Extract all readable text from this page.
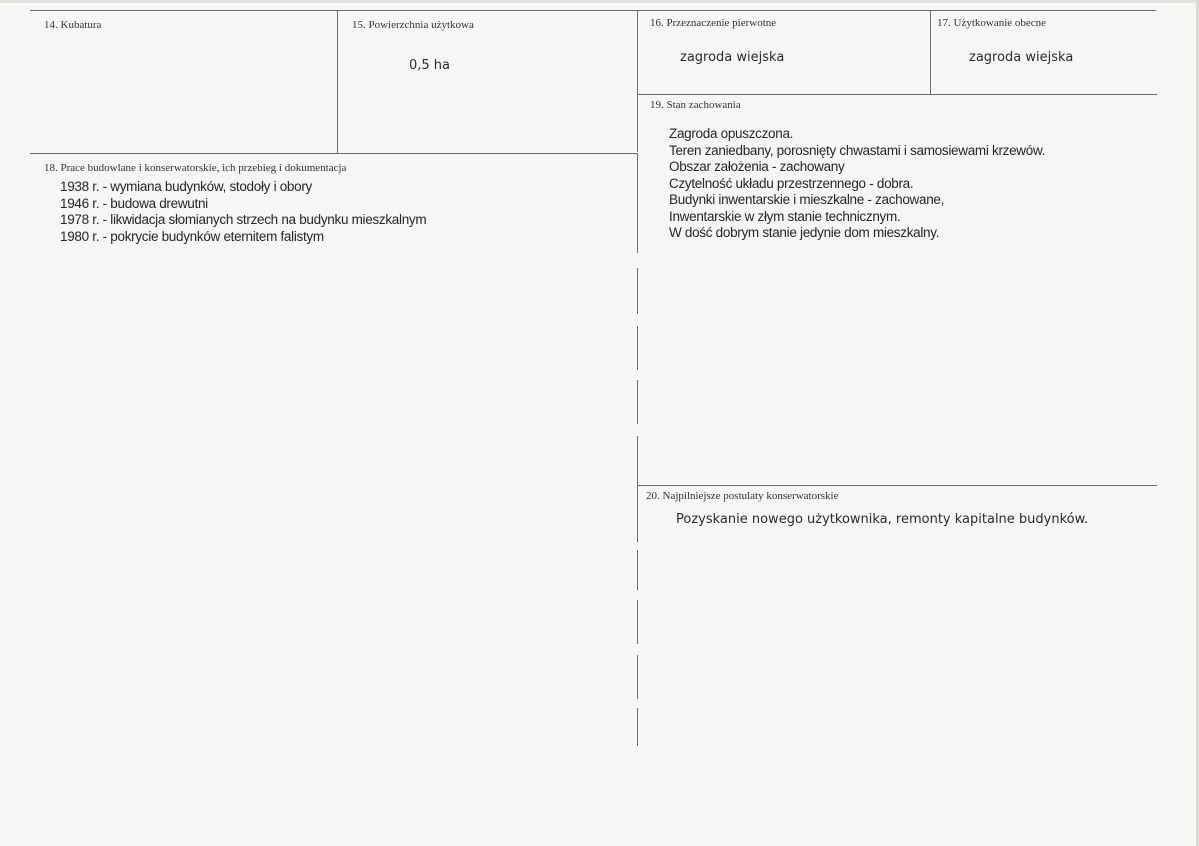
14. Kubatura	15. Powierzchnia użytkowa
0,5 ha
16. Przeznaczenie pierwotne
zagroda wiejska
17. Użytkowanie obecne
zagroda wiejska
19. Stan zachowania
Zagroda opuszczona.
Teren zaniedbany, porosnięty chwastami i samosiewami krzewów.
Obszar założenia - zachowany
Czytelność układu przestrzennego - dobra.
Budynki inwentarskie i mieszkalne - zachowane,
Inwentarskie w złym stanie technicznym.
W dość dobrym stanie jedynie dom mieszkalny.
18. Prace budowlane i konserwatorskie, ich przebieg i dokumentacja
1938 r. - wymiana budynków, stodoły i obory
1946 r. - budowa drewutni
1978 r. - likwidacja słomianych strzech na budynku mieszkalnym
1980 r. - pokrycie budynków eternitem falistym
20. Najpilniejsze postulaty konserwatorskie
Pozyskanie nowego użytkownika, remonty kapitalne budynków.
